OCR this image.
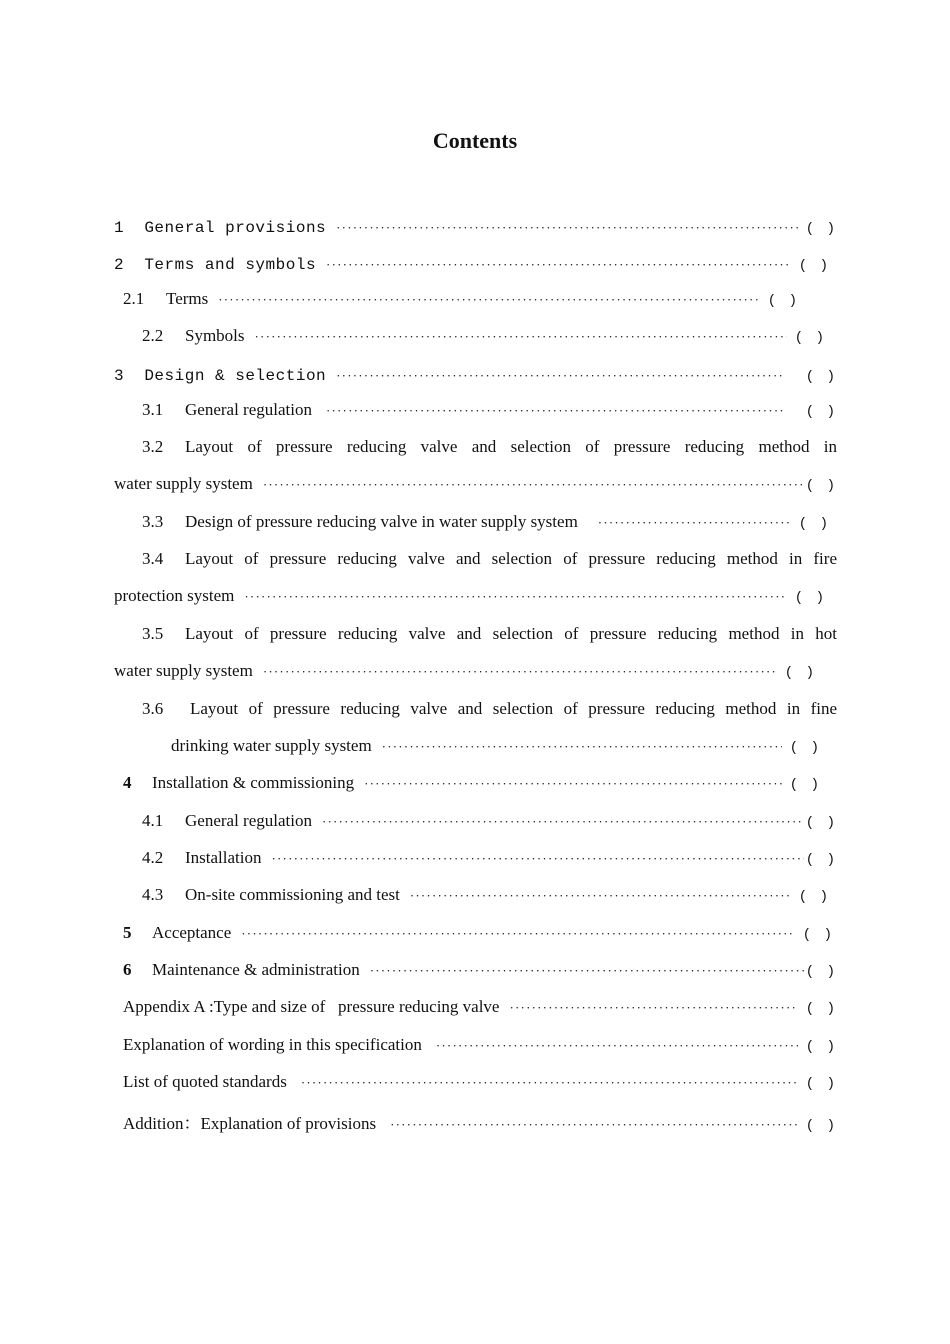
Contents
1 General provisions ·····	( )
2 Terms and symbols ·····	( )
2.1 Terms ·····	( )
2.2 Symbols ·····	( )
3 Design & selection ·····	( )
3.1 General regulation ·····	( )
3.2 Layout of pressure reducing valve and selection of pressure reducing method in
water supply system ·····	( )
3.3 Design of pressure reducing valve in water supply system ·····	( )
3.4 Layout of pressure reducing valve and selection of pressure reducing method in fire
protection system ·····	( )
3.5 Layout of pressure reducing valve and selection of pressure reducing method in hot
water supply system ·····	( )
3.6 Layout of pressure reducing valve and selection of pressure reducing method in fine
drinking water supply system ·····	( )
4 Installation & commissioning ·····	( )
4.1 General regulation ·····	( )
4.2 Installation ·····	( )
4.3 On-site commissioning and test ·····	( )
5 Acceptance ·····	( )
6 Maintenance & administration ·····	( )
Appendix A :Type and size of   pressure reducing valve ·····	( )
Explanation of wording in this specification ·····	( )
List of quoted standards ·····	( )
Addition：Explanation of provisions ·····	( )
